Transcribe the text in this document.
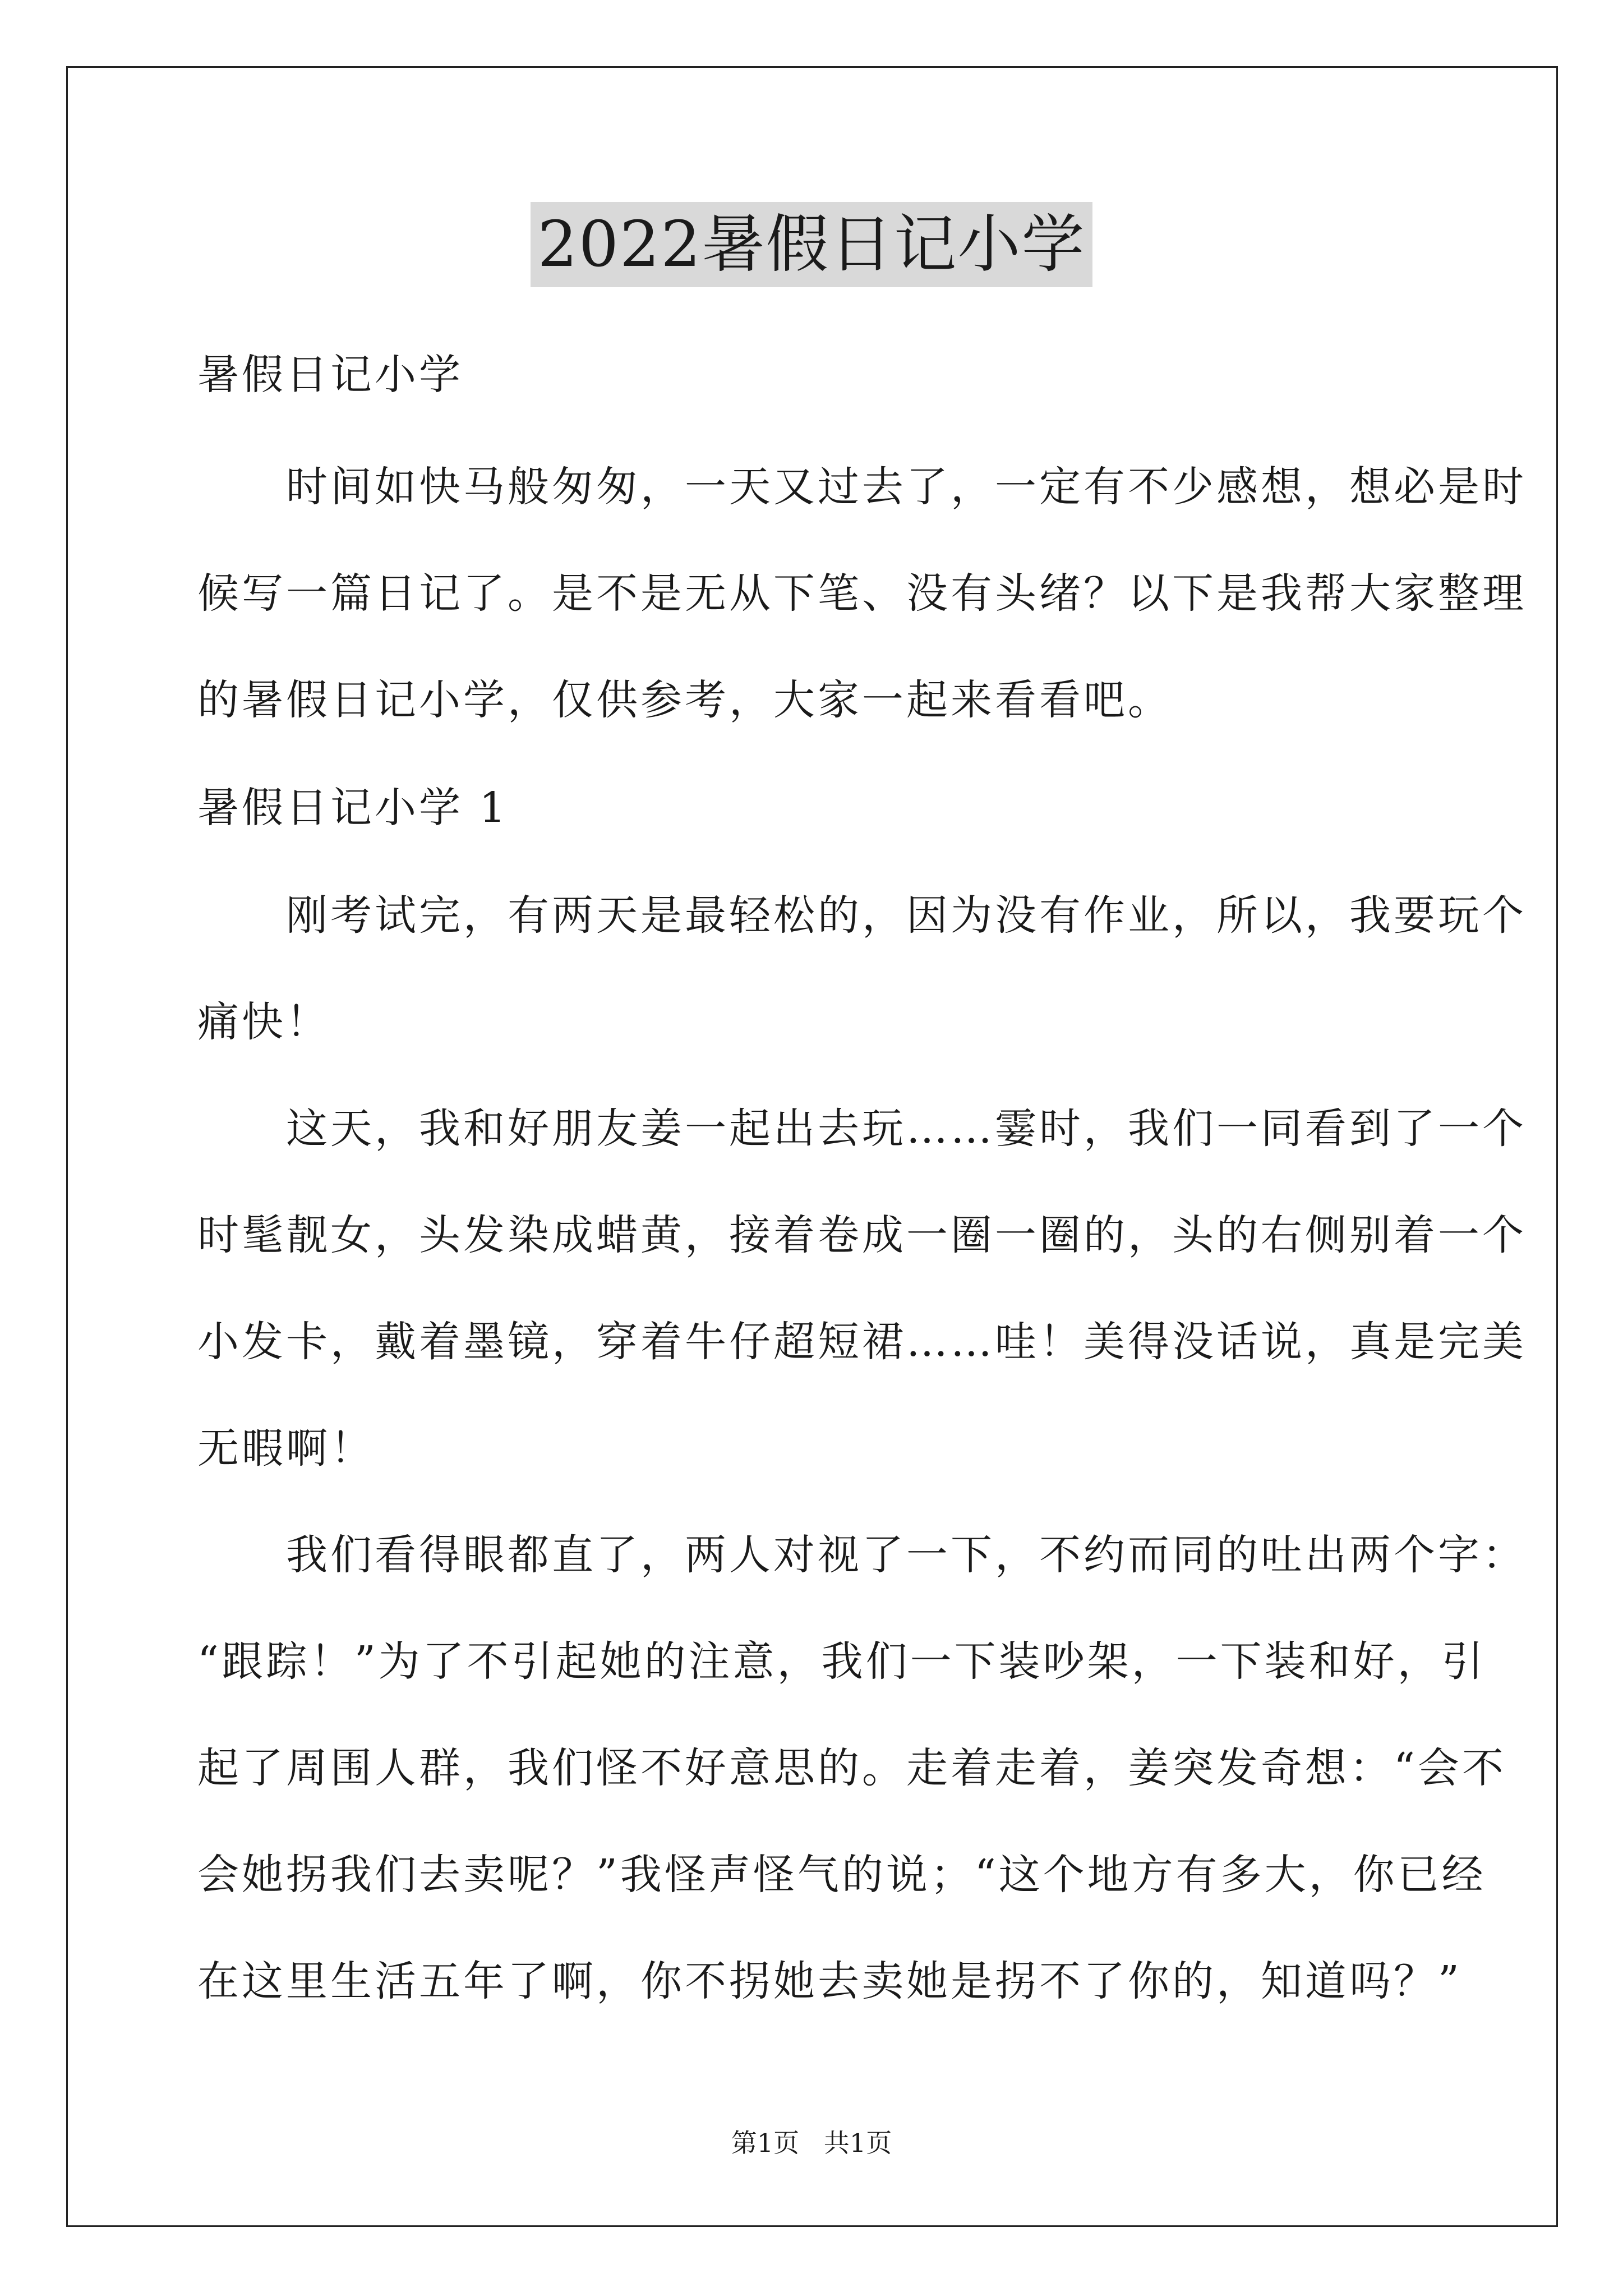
2022暑假日记小学
暑假日记小学
　　时间如快马般匆匆，一天又过去了，一定有不少感想，想必是时
候写一篇日记了。是不是无从下笔、没有头绪？以下是我帮大家整理
的暑假日记小学，仅供参考，大家一起来看看吧。
暑假日记小学 1
　　刚考试完，有两天是最轻松的，因为没有作业，所以，我要玩个
痛快！
　　这天，我和好朋友姜一起出去玩……霎时，我们一同看到了一个
时髦靓女，头发染成蜡黄，接着卷成一圈一圈的，头的右侧别着一个
小发卡，戴着墨镜，穿着牛仔超短裙……哇！美得没话说，真是完美
无暇啊！
　　我们看得眼都直了，两人对视了一下，不约而同的吐出两个字：
“跟踪！”为了不引起她的注意，我们一下装吵架，一下装和好，引
起了周围人群，我们怪不好意思的。走着走着，姜突发奇想：“会不
会她拐我们去卖呢？”我怪声怪气的说；“这个地方有多大，你已经
在这里生活五年了啊，你不拐她去卖她是拐不了你的，知道吗？”
第1页   共1页
